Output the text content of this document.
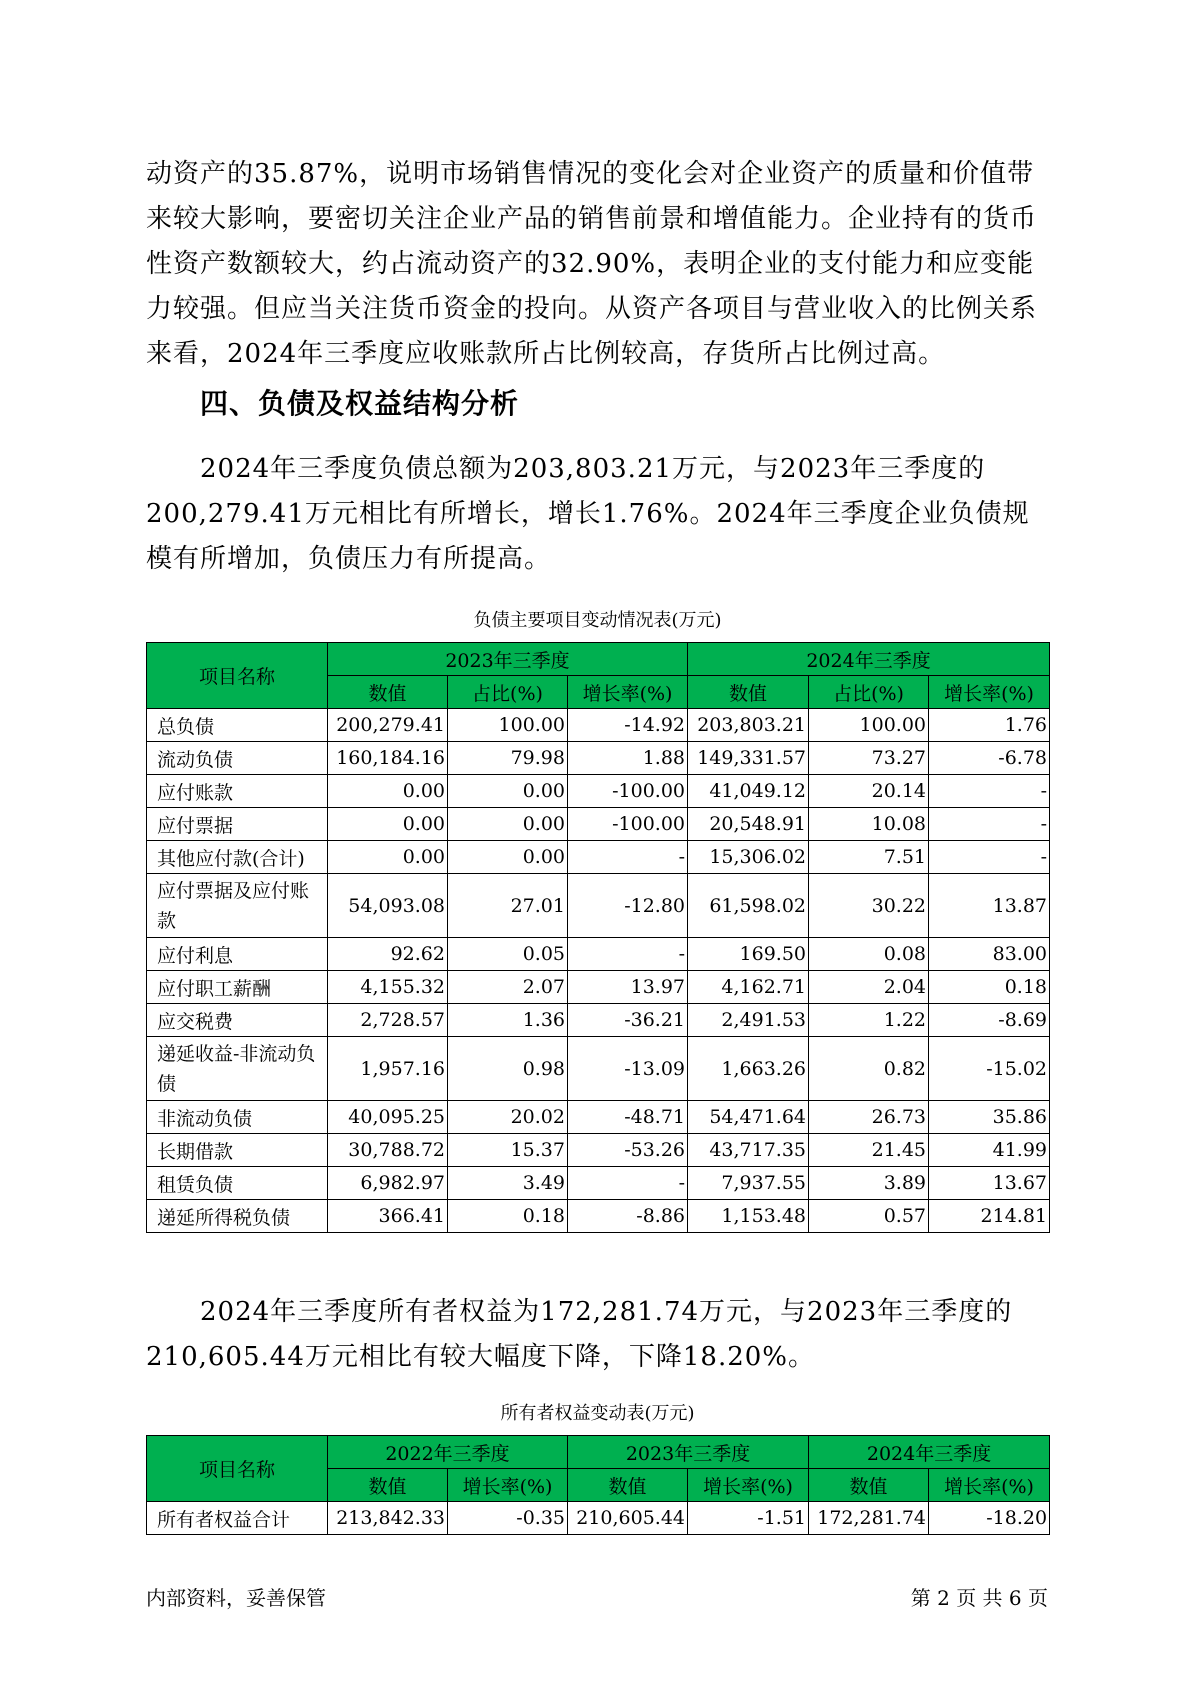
动资产的35.87%，说明市场销售情况的变化会对企业资产的质量和价值带来较大影响，要密切关注企业产品的销售前景和增值能力。企业持有的货币性资产数额较大，约占流动资产的32.90%，表明企业的支付能力和应变能力较强。但应当关注货币资金的投向。从资产各项目与营业收入的比例关系来看，2024年三季度应收账款所占比例较高，存货所占比例过高。

四、负债及权益结构分析

2024年三季度负债总额为203,803.21万元，与2023年三季度的200,279.41万元相比有所增长，增长1.76%。2024年三季度企业负债规模有所增加，负债压力有所提高。

负债主要项目变动情况表(万元)
项目名称	2023年三季度			2024年三季度		
	数值	占比(%)	增长率(%)	数值	占比(%)	增长率(%)
总负债	200,279.41	100.00	-14.92	203,803.21	100.00	1.76
流动负债	160,184.16	79.98	1.88	149,331.57	73.27	-6.78
应付账款	0.00	0.00	-100.00	41,049.12	20.14	-
应付票据	0.00	0.00	-100.00	20,548.91	10.08	-
其他应付款(合计)	0.00	0.00	-	15,306.02	7.51	-
应付票据及应付账款	54,093.08	27.01	-12.80	61,598.02	30.22	13.87
应付利息	92.62	0.05	-	169.50	0.08	83.00
应付职工薪酬	4,155.32	2.07	13.97	4,162.71	2.04	0.18
应交税费	2,728.57	1.36	-36.21	2,491.53	1.22	-8.69
递延收益-非流动负债	1,957.16	0.98	-13.09	1,663.26	0.82	-15.02
非流动负债	40,095.25	20.02	-48.71	54,471.64	26.73	35.86
长期借款	30,788.72	15.37	-53.26	43,717.35	21.45	41.99
租赁负债	6,982.97	3.49	-	7,937.55	3.89	13.67
递延所得税负债	366.41	0.18	-8.86	1,153.48	0.57	214.81

2024年三季度所有者权益为172,281.74万元，与2023年三季度的210,605.44万元相比有较大幅度下降，下降18.20%。

所有者权益变动表(万元)
项目名称	2022年三季度		2023年三季度		2024年三季度	
	数值	增长率(%)	数值	增长率(%)	数值	增长率(%)
所有者权益合计	213,842.33	-0.35	210,605.44	-1.51	172,281.74	-18.20
内部资料，妥善保管	第 2 页 共 6 页
